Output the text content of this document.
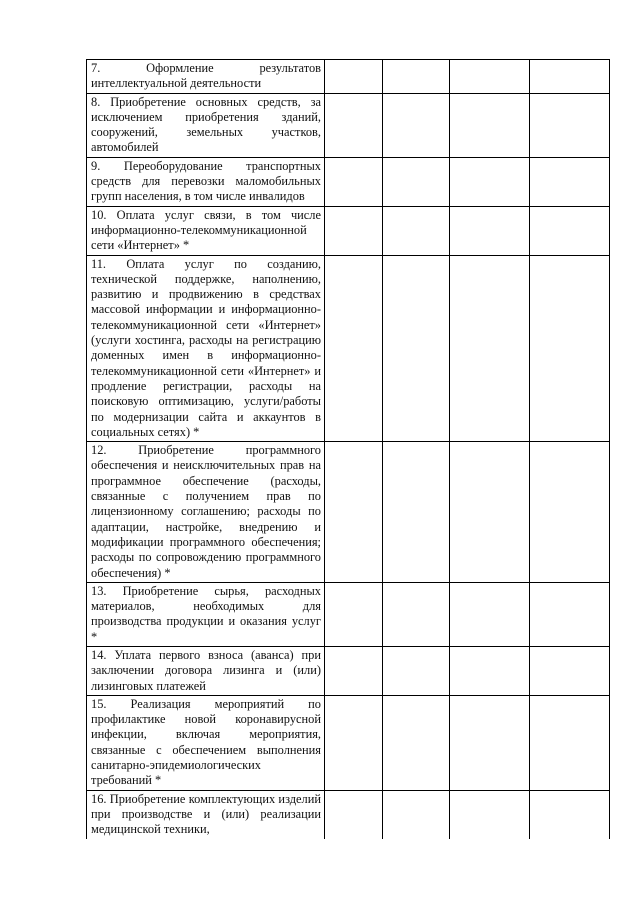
7. Оформление результатов интеллектуальной деятельности				
8. Приобретение основных средств, за исключением приобретения зданий, сооружений, земельных участков, автомобилей				
9. Переоборудование транспортных средств для перевозки маломобильных групп населения, в том числе инвалидов				
10. Оплата услуг связи, в том числе информационно-телекоммуникационной сети «Интернет» *				
11. Оплата услуг по созданию, технической поддержке, наполнению, развитию и продвижению в средствах массовой информации и информационно-телекоммуникационной сети «Интернет» (услуги хостинга, расходы на регистрацию доменных имен в информационно-телекоммуникационной сети «Интернет» и продление регистрации, расходы на поисковую оптимизацию, услуги/работы по модернизации сайта и аккаунтов в социальных сетях) *				
12. Приобретение программного обеспечения и неисключительных прав на программное обеспечение (расходы, связанные с получением прав по лицензионному соглашению; расходы по адаптации, настройке, внедрению и модификации программного обеспечения; расходы по сопровождению программного обеспечения) *				
13. Приобретение сырья, расходных материалов, необходимых для производства продукции и оказания услуг *				
14. Уплата первого взноса (аванса) при заключении договора лизинга и (или) лизинговых платежей				
15. Реализация мероприятий по профилактике новой коронавирусной инфекции, включая мероприятия, связанные с обеспечением выполнения санитарно-эпидемиологических требований *				
16. Приобретение комплектующих изделий при производстве и (или) реализации медицинской техники,				
